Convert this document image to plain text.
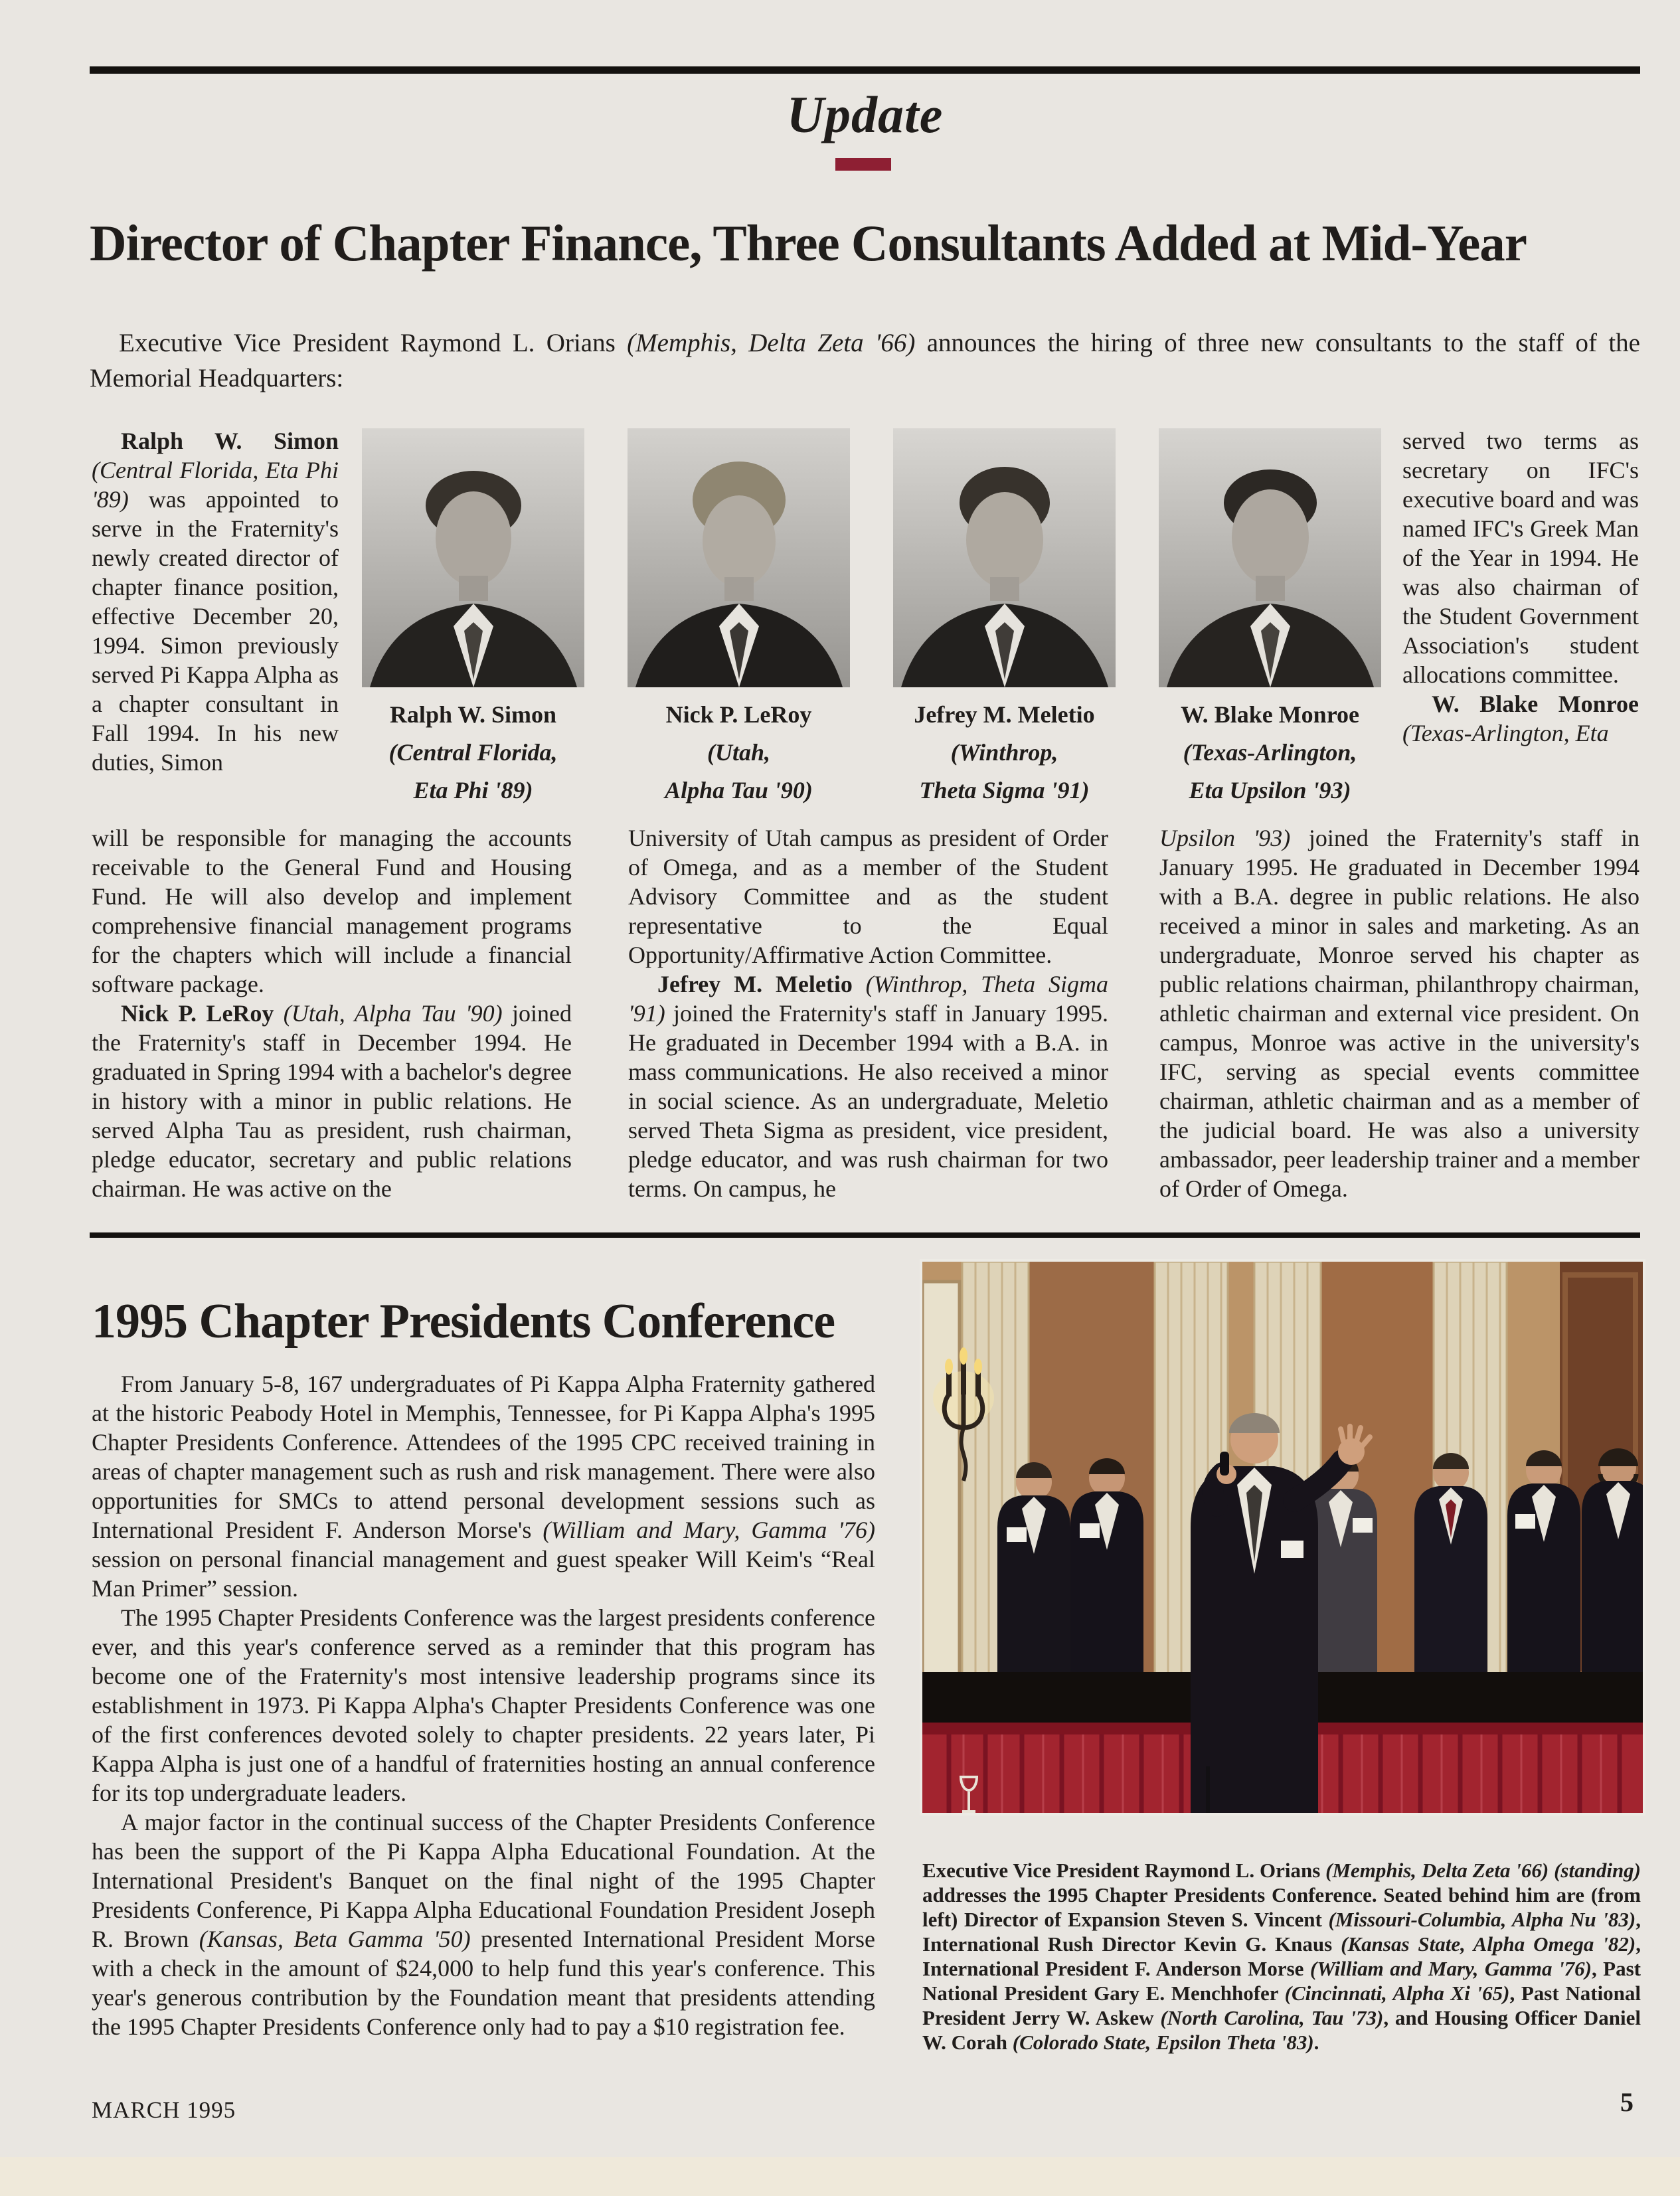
Update
Director of Chapter Finance, Three Consultants Added at Mid-Year

Executive Vice President Raymond L. Orians (Memphis, Delta Zeta '66) announces the hiring of three new consultants to the staff of the Memorial Headquarters:

Ralph W. Simon (Central Florida, Eta Phi '89) was appointed to serve in the Fraternity's newly created director of chapter finance position, effective December 20, 1994. Simon previously served Pi Kappa Alpha as a chapter consultant in Fall 1994. In his new duties, Simon

served two terms as secretary on IFC's executive board and was named IFC's Greek Man of the Year in 1994. He was also chairman of the Student Government Association's student allocations committee.

W. Blake Monroe (Texas-Arlington, Eta

Ralph W. Simon
(Central Florida,
Eta Phi '89)
Nick P. LeRoy
(Utah,
Alpha Tau '90)
Jefrey M. Meletio
(Winthrop,
Theta Sigma '91)
W. Blake Monroe
(Texas-Arlington,
Eta Upsilon '93)

will be responsible for managing the accounts receivable to the General Fund and Housing Fund. He will also develop and implement comprehensive financial management programs for the chapters which will include a financial software package.

Nick P. LeRoy (Utah, Alpha Tau '90) joined the Fraternity's staff in December 1994. He graduated in Spring 1994 with a bachelor's degree in history with a minor in public relations. He served Alpha Tau as president, rush chairman, pledge educator, secretary and public relations chairman. He was active on the

University of Utah campus as president of Order of Omega, and as a member of the Student Advisory Committee and as the student representative to the Equal Opportunity/Affirmative Action Committee.

Jefrey M. Meletio (Winthrop, Theta Sigma '91) joined the Fraternity's staff in January 1995. He graduated in December 1994 with a B.A. in mass communications. He also received a minor in social science. As an undergraduate, Meletio served Theta Sigma as president, vice president, pledge educator, and was rush chairman for two terms. On campus, he

Upsilon '93) joined the Fraternity's staff in January 1995. He graduated in December 1994 with a B.A. degree in public relations. He also received a minor in sales and marketing. As an undergraduate, Monroe served his chapter as public relations chairman, philanthropy chairman, athletic chairman and external vice president. On campus, Monroe was active in the university's IFC, serving as special events committee chairman, athletic chairman and as a member of the judicial board. He was also a university ambassador, peer leadership trainer and a member of Order of Omega.

1995 Chapter Presidents Conference

From January 5-8, 167 undergraduates of Pi Kappa Alpha Fraternity gathered at the historic Peabody Hotel in Memphis, Tennessee, for Pi Kappa Alpha's 1995 Chapter Presidents Conference. Attendees of the 1995 CPC received training in areas of chapter management such as rush and risk management. There were also opportunities for SMCs to attend personal development sessions such as International President F. Anderson Morse's (William and Mary, Gamma '76) session on personal financial management and guest speaker Will Keim's “Real Man Primer” session.

The 1995 Chapter Presidents Conference was the largest presidents conference ever, and this year's conference served as a reminder that this program has become one of the Fraternity's most intensive leadership programs since its establishment in 1973. Pi Kappa Alpha's Chapter Presidents Conference was one of the first conferences devoted solely to chapter presidents. 22 years later, Pi Kappa Alpha is just one of a handful of fraternities hosting an annual conference for its top undergraduate leaders.

A major factor in the continual success of the Chapter Presidents Conference has been the support of the Pi Kappa Alpha Educational Foundation. At the International President's Banquet on the final night of the 1995 Chapter Presidents Conference, Pi Kappa Alpha Educational Foundation President Joseph R. Brown (Kansas, Beta Gamma '50) presented International President Morse with a check in the amount of $24,000 to help fund this year's conference. This year's generous contribution by the Foundation meant that presidents attending the 1995 Chapter Presidents Conference only had to pay a $10 registration fee.

Executive Vice President Raymond L. Orians (Memphis, Delta Zeta '66) (standing) addresses the 1995 Chapter Presidents Conference. Seated behind him are (from left) Director of Expansion Steven S. Vincent (Missouri-Columbia, Alpha Nu '83), International Rush Director Kevin G. Knaus (Kansas State, Alpha Omega '82), International President F. Anderson Morse (William and Mary, Gamma '76), Past National President Gary E. Menchhofer (Cincinnati, Alpha Xi '65), Past National President Jerry W. Askew (North Carolina, Tau '73), and Housing Officer Daniel W. Corah (Colorado State, Epsilon Theta '83).

MARCH 1995	5
